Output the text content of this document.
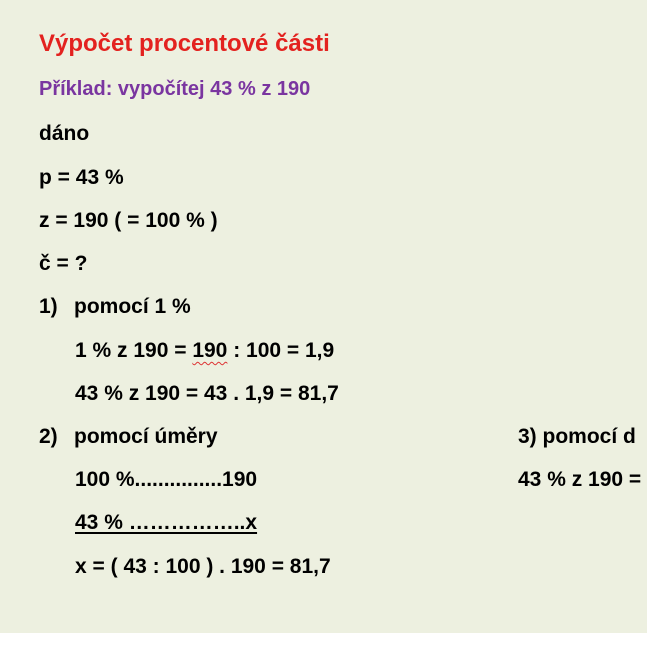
Výpočet procentové části
Příklad: vypočítej 43 % z 190
dáno
p = 43 %
z = 190 ( = 100 % )
č = ?
1) pomocí 1 %
1 % z 190 = 190 : 100 = 1,9
43 % z 190 = 43 . 1,9 = 81,7
2) pomocí úměry
100 %...............190
43 % ……………..x
x = ( 43 : 100 ) . 190 = 81,7
3) pomocí d
43 % z 190 =
